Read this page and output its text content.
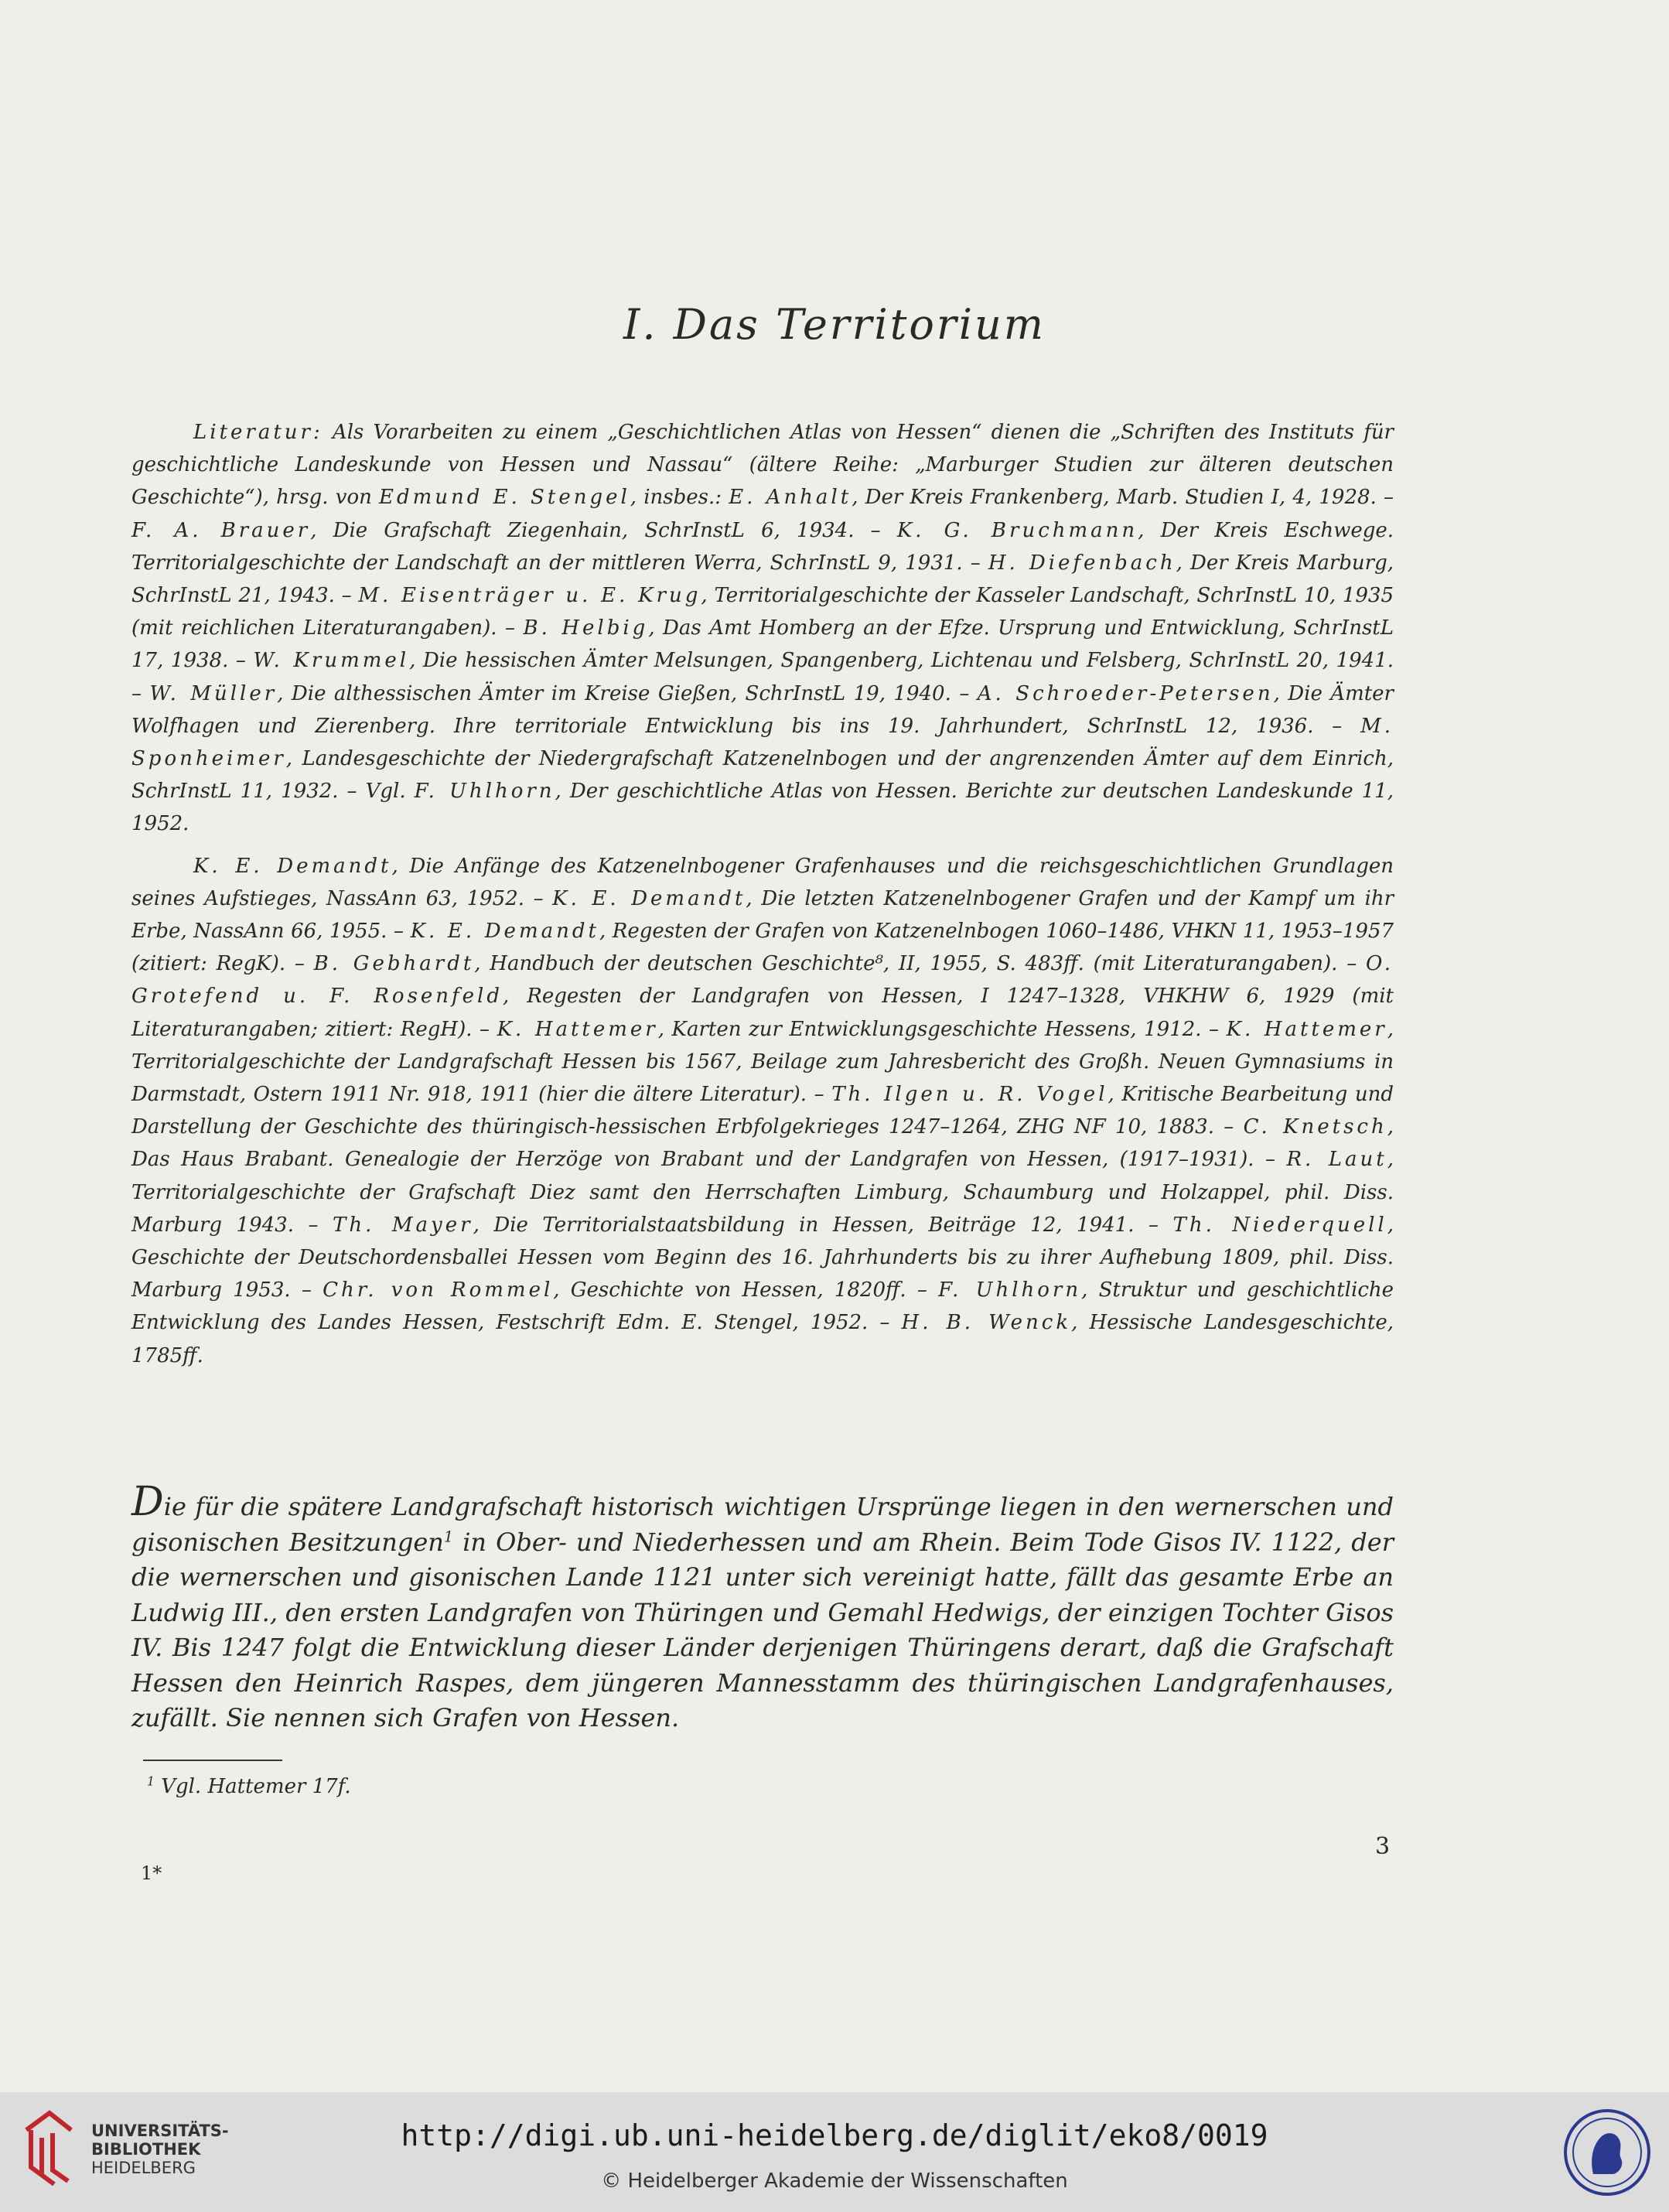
I. Das Territorium

Literatur: Als Vorarbeiten zu einem „Geschichtlichen Atlas von Hessen“ dienen die „Schriften des Instituts für geschichtliche Landeskunde von Hessen und Nassau“ (ältere Reihe: „Marburger Studien zur älteren deutschen Geschichte“), hrsg. von Edmund E. Stengel, insbes.: E. Anhalt, Der Kreis Frankenberg, Marb. Studien I, 4, 1928. – F. A. Brauer, Die Grafschaft Ziegenhain, SchrInstL 6, 1934. – K. G. Bruchmann, Der Kreis Eschwege. Territorialgeschichte der Landschaft an der mittleren Werra, SchrInstL 9, 1931. – H. Diefenbach, Der Kreis Marburg, SchrInstL 21, 1943. – M. Eisenträger u. E. Krug, Territorialgeschichte der Kasseler Landschaft, SchrInstL 10, 1935 (mit reichlichen Literaturangaben). – B. Helbig, Das Amt Homberg an der Efze. Ursprung und Entwicklung, SchrInstL 17, 1938. – W. Krummel, Die hessischen Ämter Melsungen, Spangenberg, Lichtenau und Felsberg, SchrInstL 20, 1941. – W. Müller, Die althessischen Ämter im Kreise Gießen, SchrInstL 19, 1940. – A. Schroeder-Petersen, Die Ämter Wolfhagen und Zierenberg. Ihre territoriale Entwicklung bis ins 19. Jahrhundert, SchrInstL 12, 1936. – M. Sponheimer, Landesgeschichte der Niedergrafschaft Katzenelnbogen und der angrenzenden Ämter auf dem Einrich, SchrInstL 11, 1932. – Vgl. F. Uhlhorn, Der geschichtliche Atlas von Hessen. Berichte zur deutschen Landeskunde 11, 1952.

K. E. Demandt, Die Anfänge des Katzenelnbogener Grafenhauses und die reichsgeschichtlichen Grundlagen seines Aufstieges, NassAnn 63, 1952. – K. E. Demandt, Die letzten Katzenelnbogener Grafen und der Kampf um ihr Erbe, NassAnn 66, 1955. – K. E. Demandt, Regesten der Grafen von Katzenelnbogen 1060–1486, VHKN 11, 1953–1957 (zitiert: RegK). – B. Gebhardt, Handbuch der deutschen Geschichte⁸, II, 1955, S. 483ff. (mit Literaturangaben). – O. Grotefend u. F. Rosenfeld, Regesten der Landgrafen von Hessen, I 1247–1328, VHKHW 6, 1929 (mit Literaturangaben; zitiert: RegH). – K. Hattemer, Karten zur Entwicklungsgeschichte Hessens, 1912. – K. Hattemer, Territorialgeschichte der Landgrafschaft Hessen bis 1567, Beilage zum Jahresbericht des Großh. Neuen Gymnasiums in Darmstadt, Ostern 1911 Nr. 918, 1911 (hier die ältere Literatur). – Th. Ilgen u. R. Vogel, Kritische Bearbeitung und Darstellung der Geschichte des thüringisch-hessischen Erbfolgekrieges 1247–1264, ZHG NF 10, 1883. – C. Knetsch, Das Haus Brabant. Genealogie der Herzöge von Brabant und der Landgrafen von Hessen, (1917–1931). – R. Laut, Territorialgeschichte der Grafschaft Diez samt den Herrschaften Limburg, Schaumburg und Holzappel, phil. Diss. Marburg 1943. – Th. Mayer, Die Territorialstaatsbildung in Hessen, Beiträge 12, 1941. – Th. Niederquell, Geschichte der Deutschordensballei Hessen vom Beginn des 16. Jahrhunderts bis zu ihrer Aufhebung 1809, phil. Diss. Marburg 1953. – Chr. von Rommel, Geschichte von Hessen, 1820ff. – F. Uhlhorn, Struktur und geschichtliche Entwicklung des Landes Hessen, Festschrift Edm. E. Stengel, 1952. – H. B. Wenck, Hessische Landesgeschichte, 1785ff.

Die für die spätere Landgrafschaft historisch wichtigen Ursprünge liegen in den wernerschen und gisonischen Besitzungen$^1$ in Ober- und Niederhessen und am Rhein. Beim Tode Gisos IV. 1122, der die wernerschen und gisonischen Lande 1121 unter sich vereinigt hatte, fällt das gesamte Erbe an Ludwig III., den ersten Landgrafen von Thüringen und Gemahl Hedwigs, der einzigen Tochter Gisos IV. Bis 1247 folgt die Entwicklung dieser Länder derjenigen Thüringens derart, daß die Grafschaft Hessen den Heinrich Raspes, dem jüngeren Mannesstamm des thüringischen Landgrafenhauses, zufällt. Sie nennen sich Grafen von Hessen.

$^1$ Vgl. Hattemer 17f.
3
1*
UNIVERSITÄTS-
BIBLIOTHEK
HEIDELBERG
http://digi.ub.uni-heidelberg.de/diglit/eko8/0019
© Heidelberger Akademie der Wissenschaften
